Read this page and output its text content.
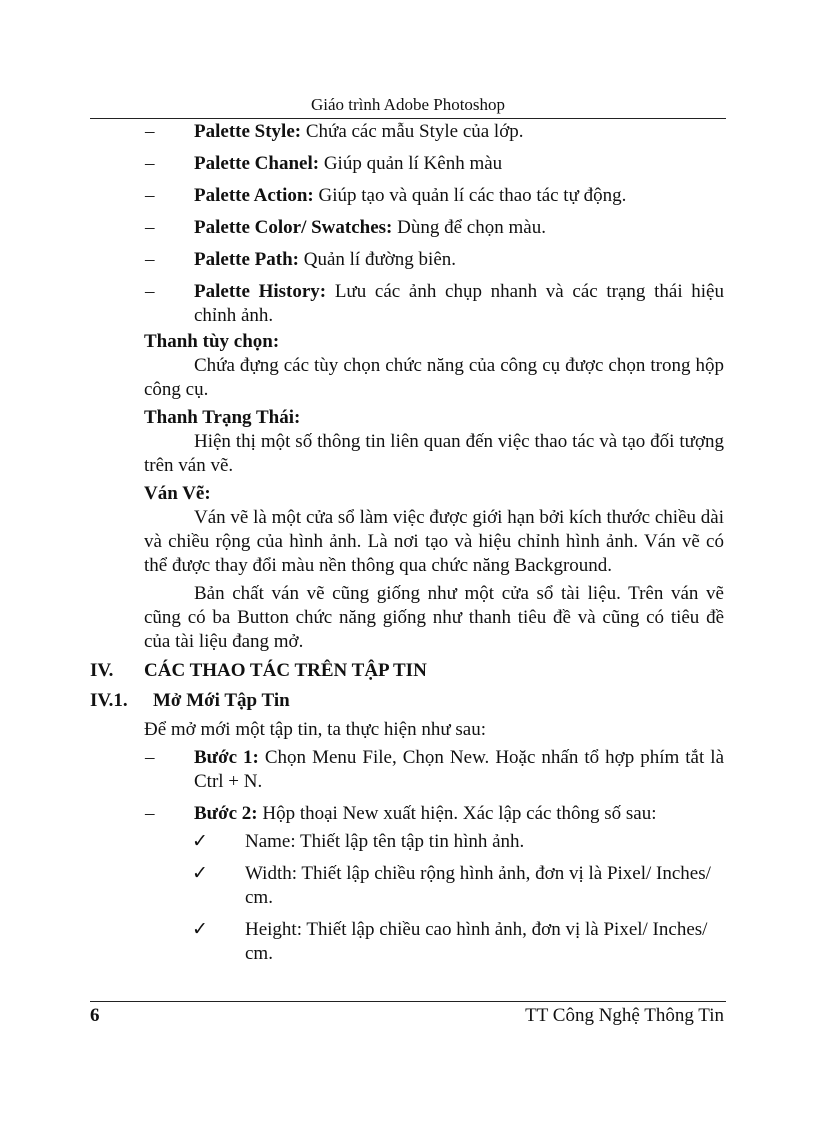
Giáo trình Adobe Photoshop
– Palette Style: Chứa các mẫu Style của lớp.
– Palette Chanel: Giúp quản lí Kênh màu
– Palette Action: Giúp tạo và quản lí các thao tác tự động.
– Palette Color/ Swatches: Dùng để chọn màu.
– Palette Path: Quản lí đường biên.
– Palette History: Lưu các ảnh chụp nhanh và các trạng thái hiệu chỉnh ảnh.
Thanh tùy chọn:
Chứa đựng các tùy chọn chức năng của công cụ được chọn trong hộp công cụ.
Thanh Trạng Thái:
Hiện thị một số thông tin liên quan đến việc thao tác và tạo đối tượng trên ván vẽ.
Ván Vẽ:
Ván vẽ là một cửa sổ làm việc được giới hạn bởi kích thước chiều dài và chiều rộng của hình ảnh. Là nơi tạo và hiệu chỉnh hình ảnh. Ván vẽ có thể được thay đổi màu nền thông qua chức năng Background.
Bản chất ván vẽ cũng giống như một cửa sổ tài liệu. Trên ván vẽ cũng có ba Button chức năng giống như thanh tiêu đề và cũng có tiêu đề của tài liệu đang mở.
IV. CÁC THAO TÁC TRÊN TẬP TIN
IV.1. Mở Mới Tập Tin
Để mở mới một tập tin, ta thực hiện như sau:
– Bước 1: Chọn Menu File, Chọn New. Hoặc nhấn tổ hợp phím tắt là Ctrl + N.
– Bước 2: Hộp thoại New xuất hiện. Xác lập các thông số sau:
✓ Name: Thiết lập tên tập tin hình ảnh.
✓ Width: Thiết lập chiều rộng hình ảnh, đơn vị là Pixel/ Inches/ cm.
✓ Height: Thiết lập chiều cao hình ảnh, đơn vị là Pixel/ Inches/ cm.
6	TT Công Nghệ Thông Tin
